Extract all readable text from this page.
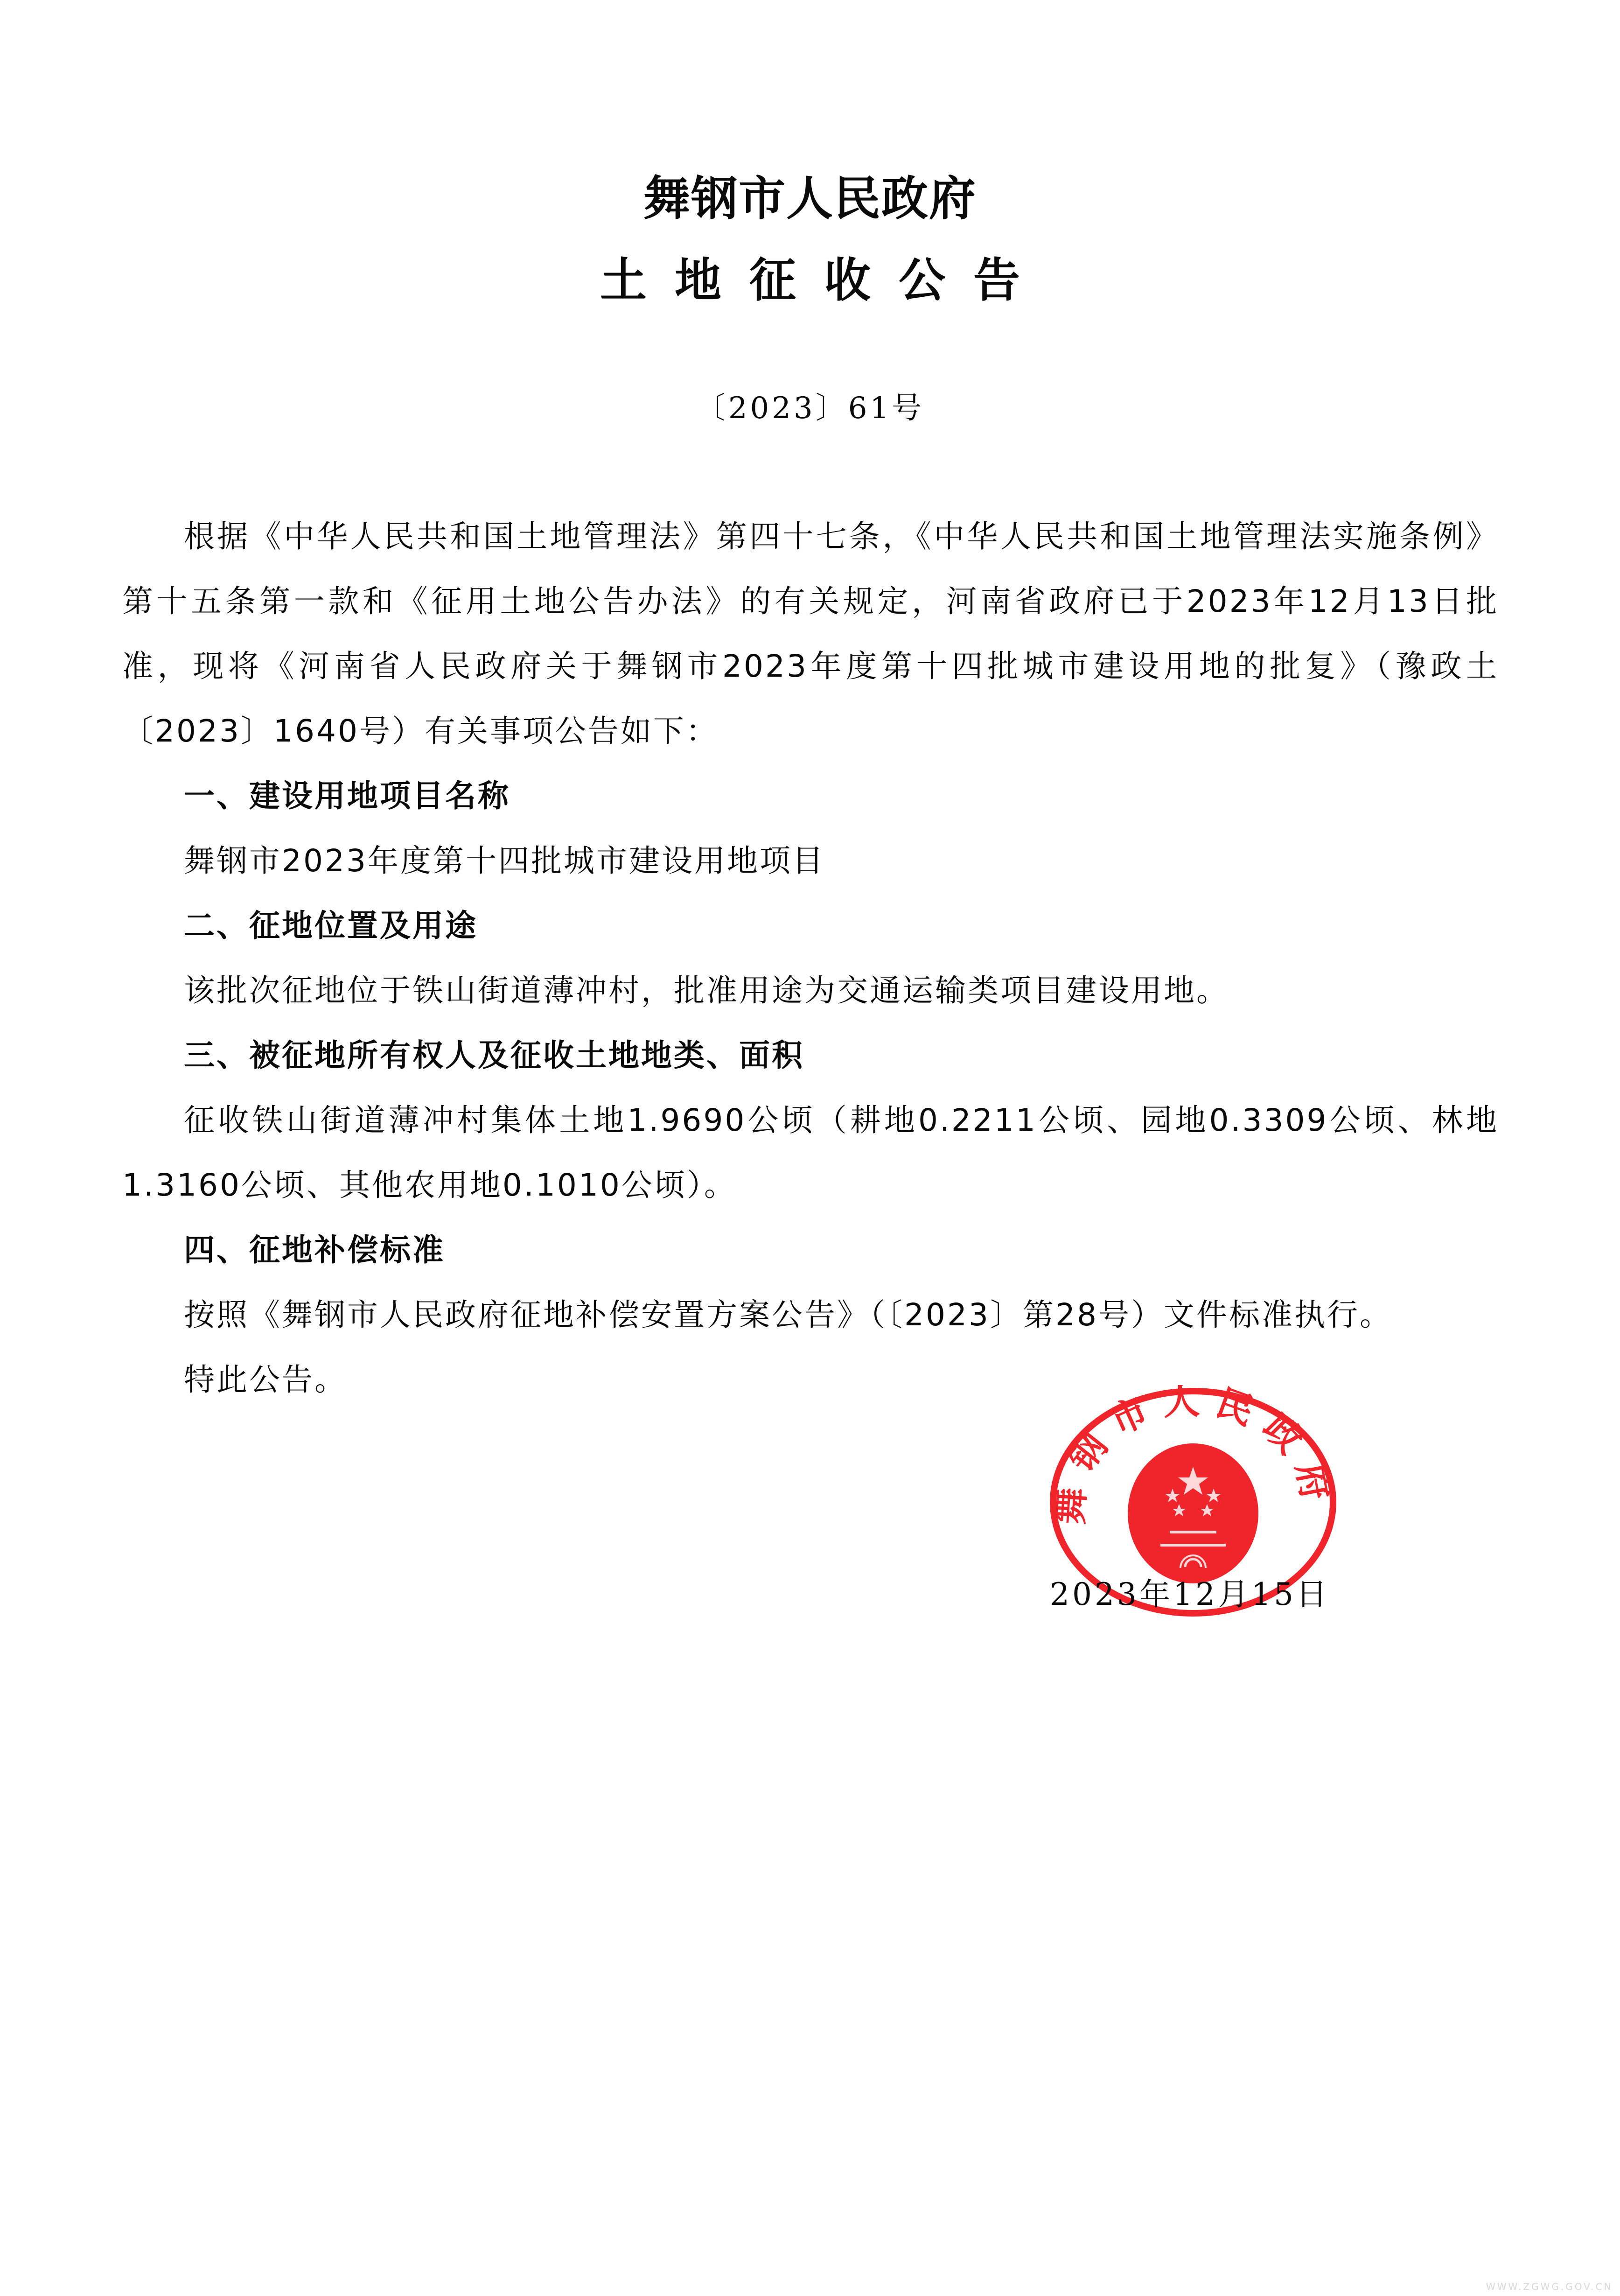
舞钢市人民政府
土地征收公告
〔2023〕61号

根据《中华人民共和国土地管理法》第四十七条，《中华人民共和国土地管理法实施条例》第十五条第一款和《征用土地公告办法》的有关规定，河南省政府已于2023年12月13日批准，现将《河南省人民政府关于舞钢市2023年度第十四批城市建设用地的批复》（豫政土〔2023〕1640号）有关事项公告如下：

一、建设用地项目名称

舞钢市2023年度第十四批城市建设用地项目

二、征地位置及用途

该批次征地位于铁山街道薄冲村，批准用途为交通运输类项目建设用地。

三、被征地所有权人及征收土地地类、面积

征收铁山街道薄冲村集体土地1.9690公顷（耕地0.2211公顷、园地0.3309公顷、林地1.3160公顷、其他农用地0.1010公顷）。

四、征地补偿标准

按照《舞钢市人民政府征地补偿安置方案公告》（〔2023〕第28号）文件标准执行。

特此公告。

舞钢市人民政府
2023年12月15日
WWW.ZGWG.GOV.CN
